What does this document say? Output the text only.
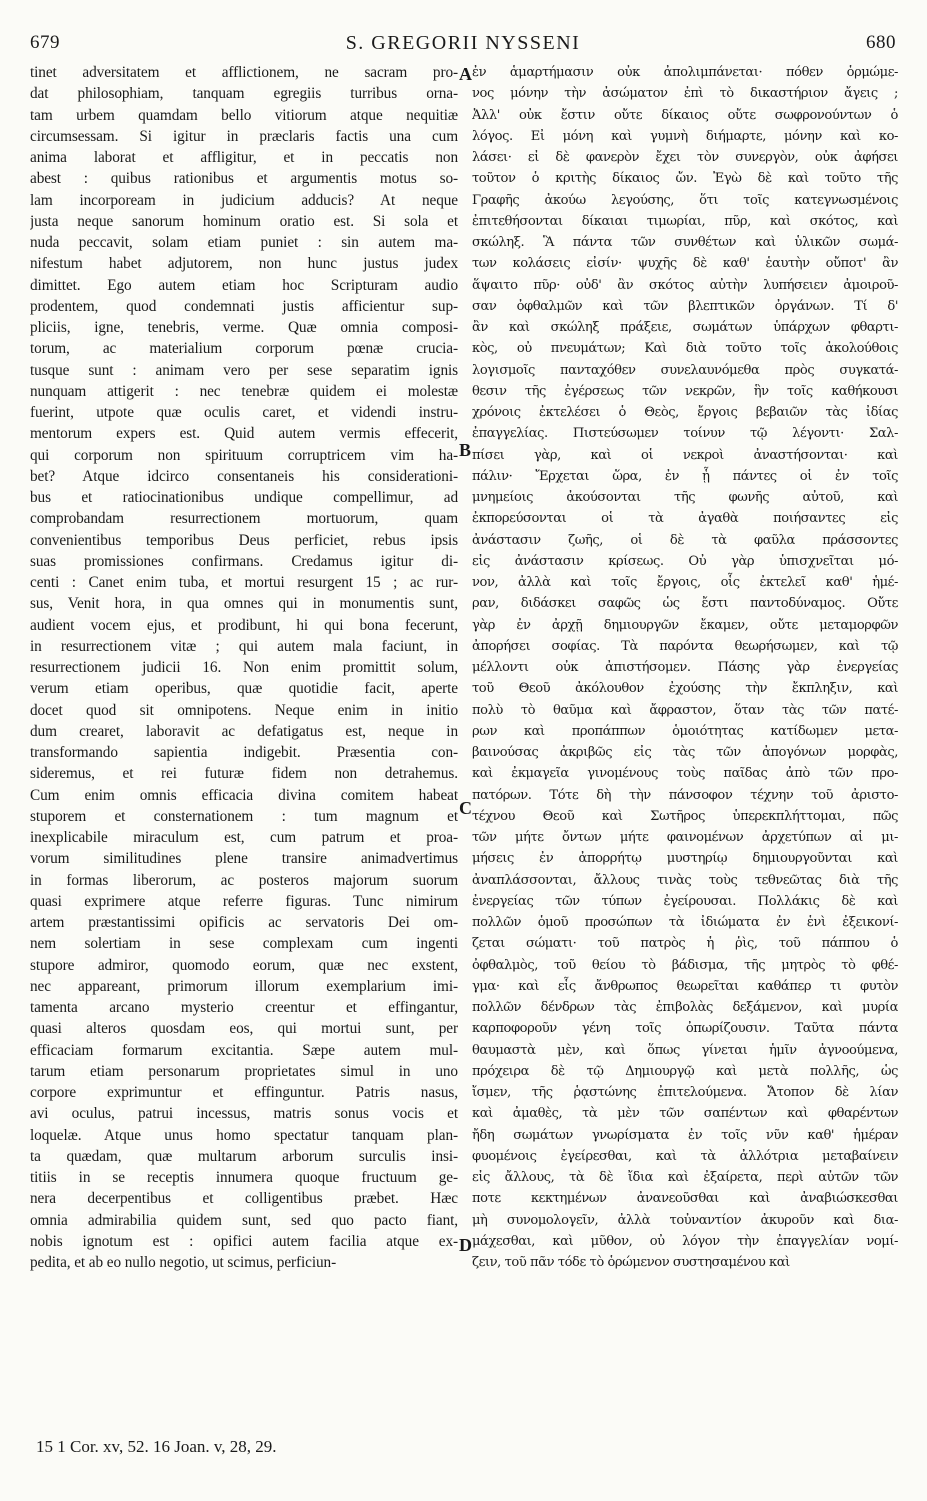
679	S. GREGORII NYSSENI	680
tinet adversitatem et afflictionem, ne sacram pro-
dat philosophiam, tanquam egregiis turribus orna-
tam urbem quamdam bello vitiorum atque nequitiæ
circumsessam. Si igitur in præclaris factis una cum
anima laborat et affligitur, et in peccatis non
abest : quibus rationibus et argumentis motus so-
lam incorpoream in judicium adducis? At neque
justa neque sanorum hominum oratio est. Si sola et
nuda peccavit, solam etiam puniet : sin autem ma-
nifestum habet adjutorem, non hunc justus judex
dimittet. Ego autem etiam hoc Scripturam audio
prodentem, quod condemnati justis afficientur sup-
pliciis, igne, tenebris, verme. Quæ omnia composi-
torum, ac materialium corporum pœnæ crucia-
tusque sunt : animam vero per sese separatim ignis
nunquam attigerit : nec tenebræ quidem ei molestæ
fuerint, utpote quæ oculis caret, et videndi instru-
mentorum expers est. Quid autem vermis effecerit,
qui corporum non spirituum corruptricem vim ha-
bet? Atque idcirco consentaneis his considerationi-
bus et ratiocinationibus undique compellimur, ad
comprobandam resurrectionem mortuorum, quam
convenientibus temporibus Deus perficiet, rebus ipsis
suas promissiones confirmans. Credamus igitur di-
centi : Canet enim tuba, et mortui resurgent 15 ; ac rur-
sus, Venit hora, in qua omnes qui in monumentis sunt,
audient vocem ejus, et prodibunt, hi qui bona fecerunt,
in resurrectionem vitæ ; qui autem mala faciunt, in
resurrectionem judicii 16. Non enim promittit solum,
verum etiam operibus, quæ quotidie facit, aperte
docet quod sit omnipotens. Neque enim in initio
dum crearet, laboravit ac defatigatus est, neque in
transformando sapientia indigebit. Præsentia con-
sideremus, et rei futuræ fidem non detrahemus.
Cum enim omnis efficacia divina comitem habeat
stuporem et consternationem : tum magnum et
inexplicabile miraculum est, cum patrum et proa-
vorum similitudines plene transire animadvertimus
in formas liberorum, ac posteros majorum suorum
quasi exprimere atque referre figuras. Tunc nimirum
artem præstantissimi opificis ac servatoris Dei om-
nem solertiam in sese complexam cum ingenti
stupore admiror, quomodo eorum, quæ nec exstent,
nec appareant, primorum illorum exemplarium imi-
tamenta arcano mysterio creentur et effingantur,
quasi alteros quosdam eos, qui mortui sunt, per
efficaciam formarum excitantia. Sæpe autem mul-
tarum etiam personarum proprietates simul in uno
corpore exprimuntur et effinguntur. Patris nasus,
avi oculus, patrui incessus, matris sonus vocis et
loquelæ. Atque unus homo spectatur tanquam plan-
ta quædam, quæ multarum arborum surculis insi-
titiis in se receptis innumera quoque fructuum ge-
nera decerpentibus et colligentibus præbet. Hæc
omnia admirabilia quidem sunt, sed quo pacto fiant,
nobis ignotum est : opifici autem facilia atque ex-
pedita, et ab eo nullo negotio, ut scimus, perficiun-
ἐν ἁμαρτήμασιν οὐκ ἀπολιμπάνεται· πόθεν ὁρμώμε-
νος μόνην τὴν ἀσώματον ἐπὶ τὸ δικαστήριον ἄγεις ;
Ἀλλ' οὐκ ἔστιν οὔτε δίκαιος οὔτε σωφρονούντων ὁ
λόγος. Εἰ μόνη καὶ γυμνὴ διήμαρτε, μόνην καὶ κο-
λάσει· εἰ δὲ φανερὸν ἔχει τὸν συνεργὸν, οὐκ ἀφήσει
τοῦτον ὁ κριτὴς δίκαιος ὤν. Ἐγὼ δὲ καὶ τοῦτο τῆς
Γραφῆς ἀκούω λεγούσης, ὅτι τοῖς κατεγνωσμένοις
ἐπιτεθήσονται δίκαιαι τιμωρίαι, πῦρ, καὶ σκότος, καὶ
σκώληξ. Ἃ πάντα τῶν συνθέτων καὶ ὑλικῶν σωμά-
των κολάσεις εἰσίν· ψυχῆς δὲ καθ' ἑαυτὴν οὔποτ' ἂν
ἅψαιτο πῦρ· οὐδ' ἂν σκότος αὐτὴν λυπήσειεν ἀμοιροῦ-
σαν ὀφθαλμῶν καὶ τῶν βλεπτικῶν ὀργάνων. Τί δ'
ἂν καὶ σκώληξ πράξειε, σωμάτων ὑπάρχων φθαρτι-
κὸς, οὐ πνευμάτων; Καὶ διὰ τοῦτο τοῖς ἀκολούθοις
λογισμοῖς πανταχόθεν συνελαυνόμεθα πρὸς συγκατά-
θεσιν τῆς ἐγέρσεως τῶν νεκρῶν, ἣν τοῖς καθήκουσι
χρόνοις ἐκτελέσει ὁ Θεὸς, ἔργοις βεβαιῶν τὰς ἰδίας
ἐπαγγελίας. Πιστεύσωμεν τοίνυν τῷ λέγοντι· Σαλ-
πίσει γὰρ, καὶ οἱ νεκροὶ ἀναστήσονται· καὶ
πάλιν· Ἔρχεται ὥρα, ἐν ᾗ πάντες οἱ ἐν τοῖς
μνημείοις ἀκούσονται τῆς φωνῆς αὐτοῦ, καὶ
ἐκπορεύσονται οἱ τὰ ἀγαθὰ ποιήσαντες εἰς
ἀνάστασιν ζωῆς, οἱ δὲ τὰ φαῦλα πράσσοντες
εἰς ἀνάστασιν κρίσεως. Οὐ γὰρ ὑπισχνεῖται μό-
νον, ἀλλὰ καὶ τοῖς ἔργοις, οἷς ἐκτελεῖ καθ' ἡμέ-
ραν, διδάσκει σαφῶς ὡς ἔστι παντοδύναμος. Οὔτε
γὰρ ἐν ἀρχῇ δημιουργῶν ἔκαμεν, οὔτε μεταμορφῶν
ἀπορήσει σοφίας. Τὰ παρόντα θεωρήσωμεν, καὶ τῷ
μέλλοντι οὐκ ἀπιστήσομεν. Πάσης γὰρ ἐνεργείας
τοῦ Θεοῦ ἀκόλουθον ἐχούσης τὴν ἔκπληξιν, καὶ
πολὺ τὸ θαῦμα καὶ ἄφραστον, ὅταν τὰς τῶν πατέ-
ρων καὶ προπάππων ὁμοιότητας κατίδωμεν μετα-
βαινούσας ἀκριβῶς εἰς τὰς τῶν ἀπογόνων μορφὰς,
καὶ ἐκμαγεῖα γινομένους τοὺς παῖδας ἀπὸ τῶν προ-
πατόρων. Τότε δὴ τὴν πάνσοφον τέχνην τοῦ ἀριστο-
τέχνου Θεοῦ καὶ Σωτῆρος ὑπερεκπλήττομαι, πῶς
τῶν μήτε ὄντων μήτε φαινομένων ἀρχετύπων αἱ μι-
μήσεις ἐν ἀπορρήτῳ μυστηρίῳ δημιουργοῦνται καὶ
ἀναπλάσσονται, ἄλλους τινὰς τοὺς τεθνεῶτας διὰ τῆς
ἐνεργείας τῶν τύπων ἐγείρουσαι. Πολλάκις δὲ καὶ
πολλῶν ὁμοῦ προσώπων τὰ ἰδιώματα ἐν ἑνὶ ἐξεικονί-
ζεται σώματι· τοῦ πατρὸς ἡ ῥὶς, τοῦ πάππου ὁ
ὀφθαλμὸς, τοῦ θείου τὸ βάδισμα, τῆς μητρὸς τὸ φθέ-
γμα· καὶ εἷς ἄνθρωπος θεωρεῖται καθάπερ τι φυτὸν
πολλῶν δένδρων τὰς ἐπιβολὰς δεξάμενον, καὶ μυρία
καρποφοροῦν γένη τοῖς ὀπωρίζουσιν. Ταῦτα πάντα
θαυμαστὰ μὲν, καὶ ὅπως γίνεται ἡμῖν ἀγνοούμενα,
πρόχειρα δὲ τῷ Δημιουργῷ καὶ μετὰ πολλῆς, ὡς
ἴσμεν, τῆς ῥᾳστώνης ἐπιτελούμενα. Ἄτοπον δὲ λίαν
καὶ ἀμαθὲς, τὰ μὲν τῶν σαπέντων καὶ φθαρέντων
ἤδη σωμάτων γνωρίσματα ἐν τοῖς νῦν καθ' ἡμέραν
φυομένοις ἐγείρεσθαι, καὶ τὰ ἀλλότρια μεταβαίνειν
εἰς ἄλλους, τὰ δὲ ἴδια καὶ ἐξαίρετα, περὶ αὐτῶν τῶν
ποτε κεκτημένων ἀνανεοῦσθαι καὶ ἀναβιώσκεσθαι
μὴ συνομολογεῖν, ἀλλὰ τοὐναντίον ἀκυροῦν καὶ δια-
μάχεσθαι, καὶ μῦθον, οὐ λόγον τὴν ἐπαγγελίαν νομί-
ζειν, τοῦ πᾶν τόδε τὸ ὁρώμενον συστησαμένου καὶ
A
B
C
D
15 1 Cor. xv, 52. 16 Joan. v, 28, 29.
